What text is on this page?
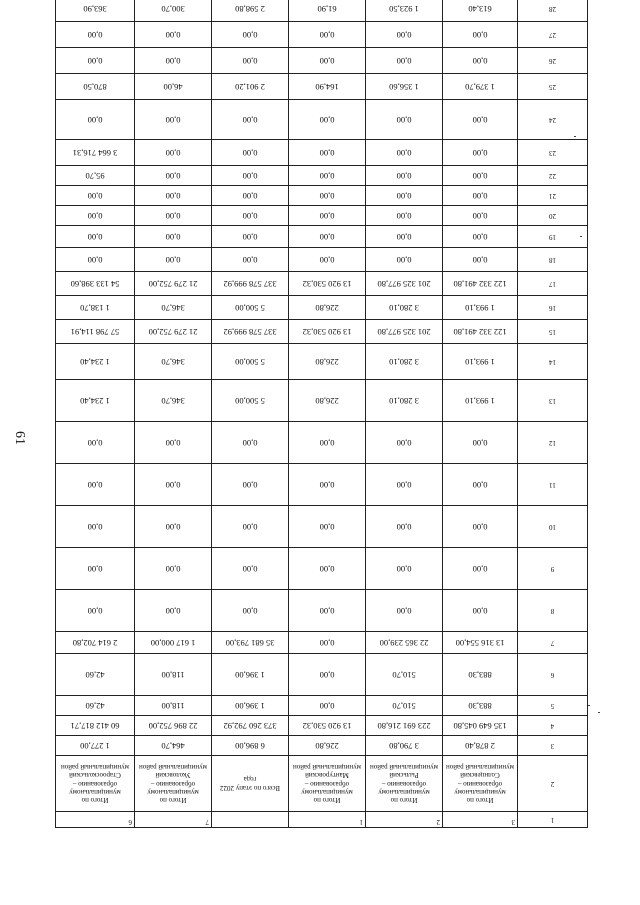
61
1	3	2	1		7	6
2	Итого по муниципальному образованию – Солнцевский муниципальный район	Итого по муниципальному образованию – Рыльский муниципальный район	Итого по муниципальному образованию – Мантуровский муниципальный район	Всего по этапу 2022 года	Итого по муниципальному образованию – Уколовский муниципальный район	Итого по муниципальному образованию – Старооскольский муниципальный район
3	2 878,40	3 790,80	226,80	6 896,00	464,70	1 277,00
4	135 649 045,80	223 691 216,80	13 920 530,32	373 260 792,92	22 896 752,00	60 412 817,71
5	883,30	510,70	0,00	1 396,00	118,00	42,60
6	883,30	510,70	0,00	1 396,00	118,00	42,60
7	13 316 554,00	22 365 239,00	0,00	35 681 793,00	1 617 000,00	2 614 702,80
8	0,00	0,00	0,00	0,00	0,00	0,00
9	0,00	0,00	0,00	0,00	0,00	0,00
10	0,00	0,00	0,00	0,00	0,00	0,00
11	0,00	0,00	0,00	0,00	0,00	0,00
12	0,00	0,00	0,00	0,00	0,00	0,00
13	1 993,10	3 280,10	226,80	5 500,00	346,70	1 234,40
14	1 993,10	3 280,10	226,80	5 500,00	346,70	1 234,40
15	122 332 491,80	201 325 977,80	13 920 530,32	337 578 999,92	21 279 752,00	57 798 114,91
16	1 993,10	3 280,10	226,80	5 500,00	346,70	1 138,70
17	122 332 491,80	201 325 977,80	13 920 530,32	337 578 999,92	21 279 752,00	54 133 398,60
18	0,00	0,00	0,00	0,00	0,00	0,00
19	0,00	0,00	0,00	0,00	0,00	0,00
20	0,00	0,00	0,00	0,00	0,00	0,00
21	0,00	0,00	0,00	0,00	0,00	0,00
22	0,00	0,00	0,00	0,00	0,00	95,70
23	0,00	0,00	0,00	0,00	0,00	3 664 716,31
24	0,00	0,00	0,00	0,00	0,00	0,00
25	1 379,70	1 356,60	164,90	2 901,20	46,00	870,50
26	0,00	0,00	0,00	0,00	0,00	0,00
27	0,00	0,00	0,00	0,00	0,00	0,00
28	613,40	1 923,50	61,90	2 598,80	300,70	363,90
